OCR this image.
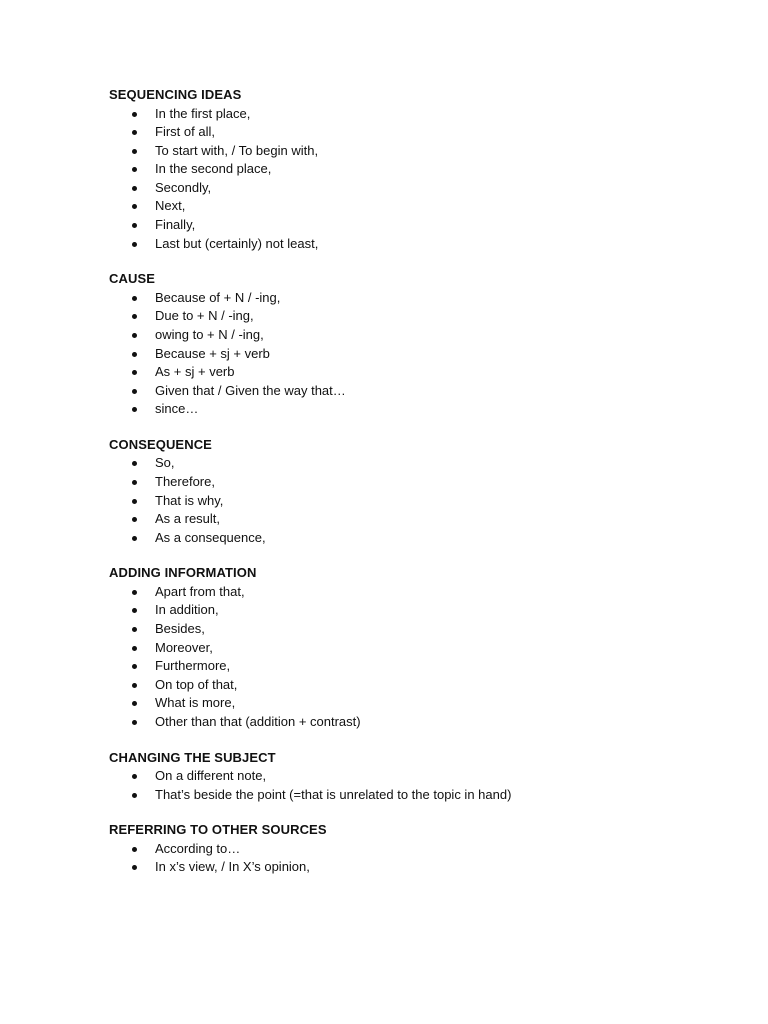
SEQUENCING IDEAS
In the first place,
First of all,
To start with, / To begin with,
In the second place,
Secondly,
Next,
Finally,
Last but (certainly) not least,
CAUSE
Because of + N / -ing,
Due to + N / -ing,
owing to + N / -ing,
Because + sj + verb
As + sj + verb
Given that / Given the way that…
since…
CONSEQUENCE
So,
Therefore,
That is why,
As a result,
As a consequence,
ADDING INFORMATION
Apart from that,
In addition,
Besides,
Moreover,
Furthermore,
On top of that,
What is more,
Other than that (addition + contrast)
CHANGING THE SUBJECT
On a different note,
That’s beside the point (=that is unrelated to the topic in hand)
REFERRING TO OTHER SOURCES
According to…
In x’s view, / In X’s opinion,
